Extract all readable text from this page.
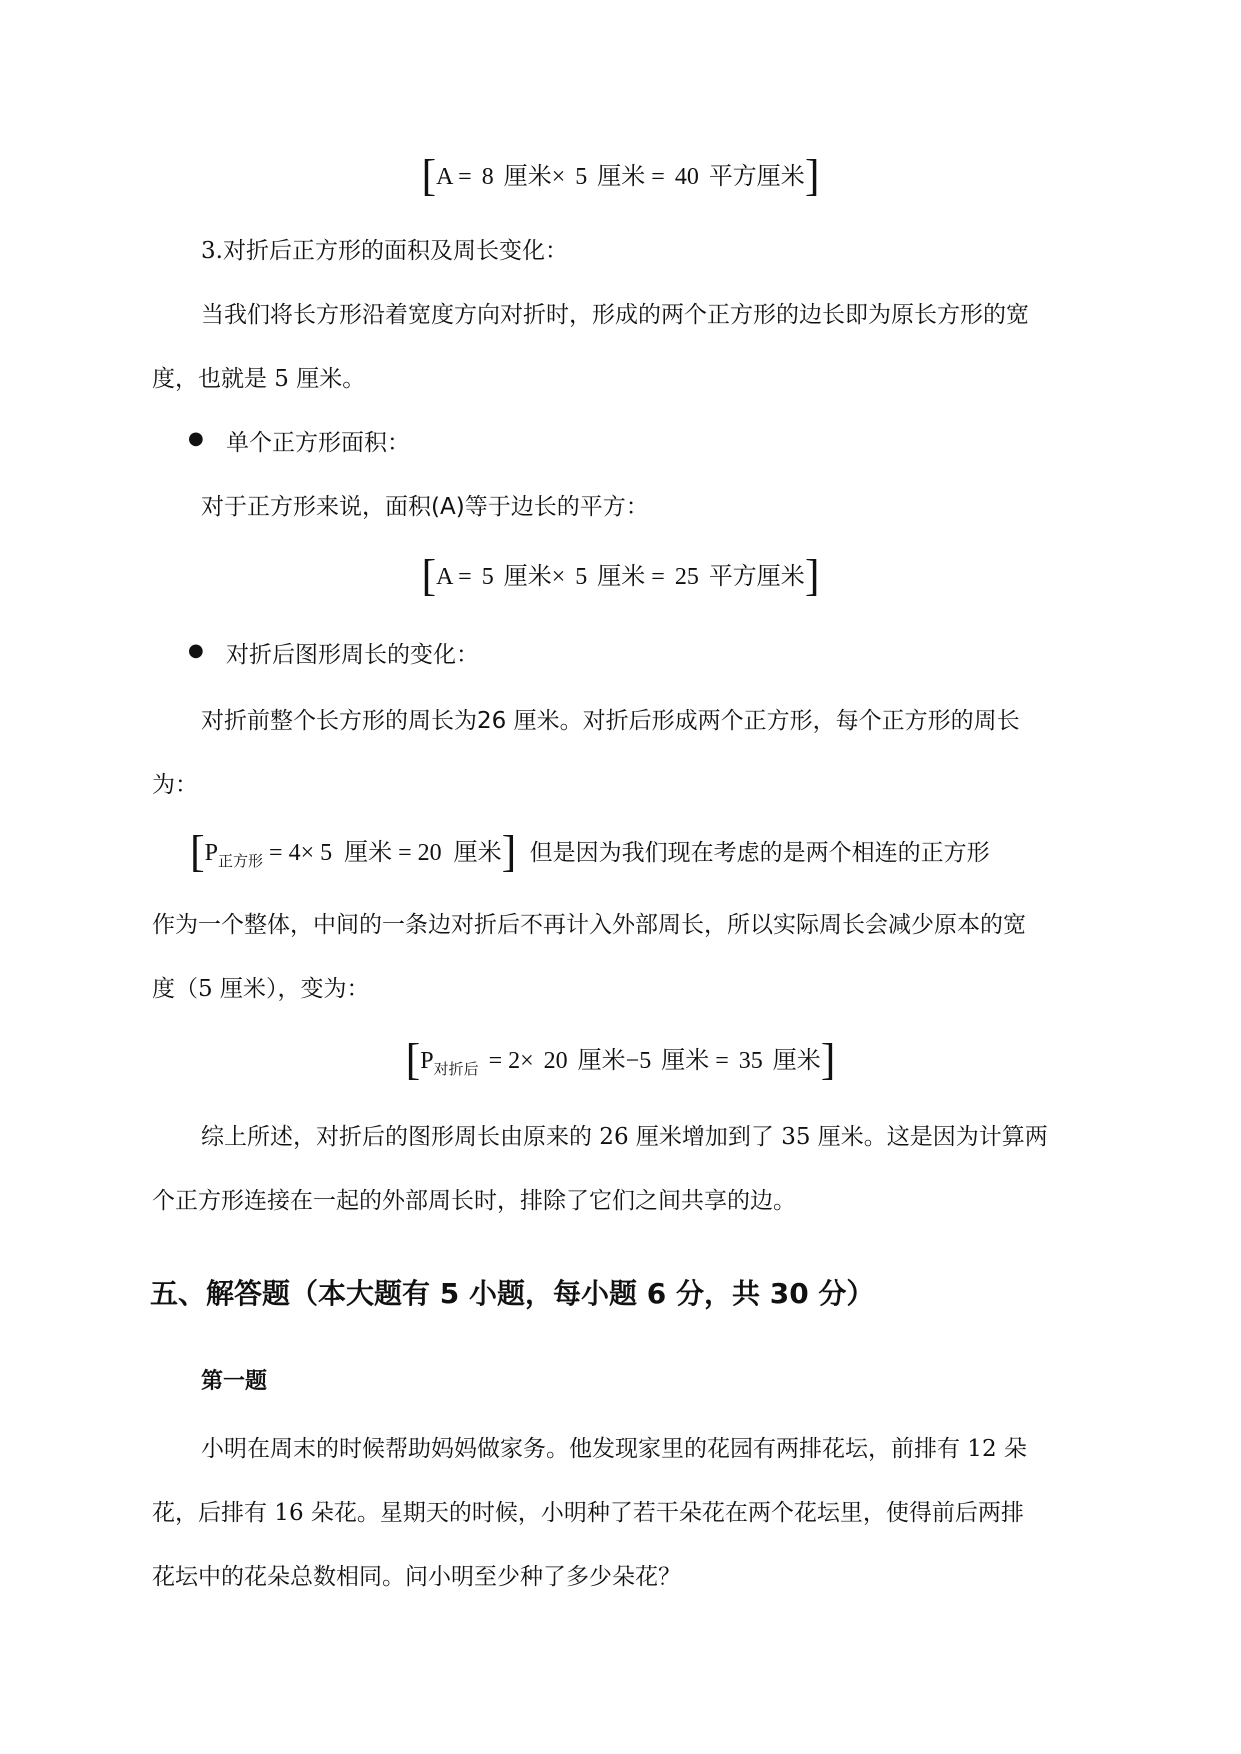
[A = 8 厘米× 5 厘米 = 40 平方厘米]
3.对折后正方形的面积及周长变化：
当我们将长方形沿着宽度方向对折时，形成的两个正方形的边长即为原长方形的宽
度，也就是 5 厘米。
● 单个正方形面积：
对于正方形来说，面积(A)等于边长的平方：
[A = 5 厘米× 5 厘米 = 25 平方厘米]
● 对折后图形周长的变化：
对折前整个长方形的周长为26 厘米。对折后形成两个正方形，每个正方形的周长
为：
[$P_{正方形} = 4\times 5$ 厘米 = 20 厘米] 但是因为我们现在考虑的是两个相连的正方形
作为一个整体，中间的一条边对折后不再计入外部周长，所以实际周长会减少原本的宽
度（5 厘米），变为：
[$P_{对折后} = 2\times 20$ 厘米−5 厘米 = 35 厘米]
综上所述，对折后的图形周长由原来的 26 厘米增加到了 35 厘米。这是因为计算两
个正方形连接在一起的外部周长时，排除了它们之间共享的边。
五、解答题（本大题有 5 小题，每小题 6 分，共 30 分）
第一题
小明在周末的时候帮助妈妈做家务。他发现家里的花园有两排花坛，前排有 12 朵
花，后排有 16 朵花。星期天的时候，小明种了若干朵花在两个花坛里，使得前后两排
花坛中的花朵总数相同。问小明至少种了多少朵花？
